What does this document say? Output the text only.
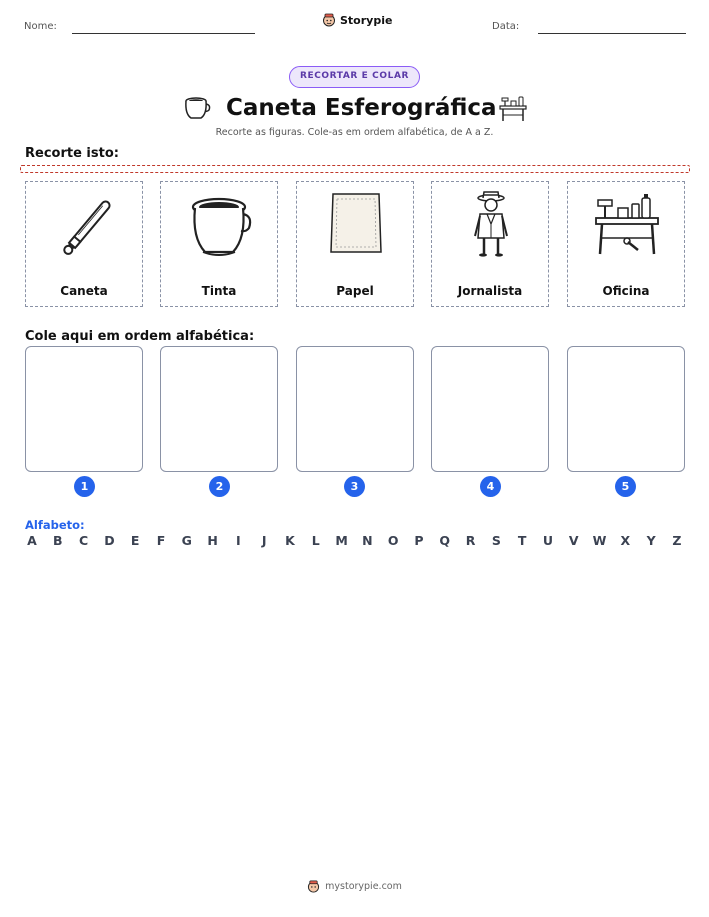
Nome:	Storypie	Data:
RECORTAR E COLAR
Caneta Esferográfica
Recorte as figuras. Cole-as em ordem alfabética, de A a Z.
Recorte isto:
Caneta	Tinta	Papel	Jornalista	Oficina
Cole aqui em ordem alfabética:
1	2	3	4	5
Alfabeto:
A B C D E F G H	I	J	K L M N O P Q R S T U V W X Y Z
mystorypie.com
